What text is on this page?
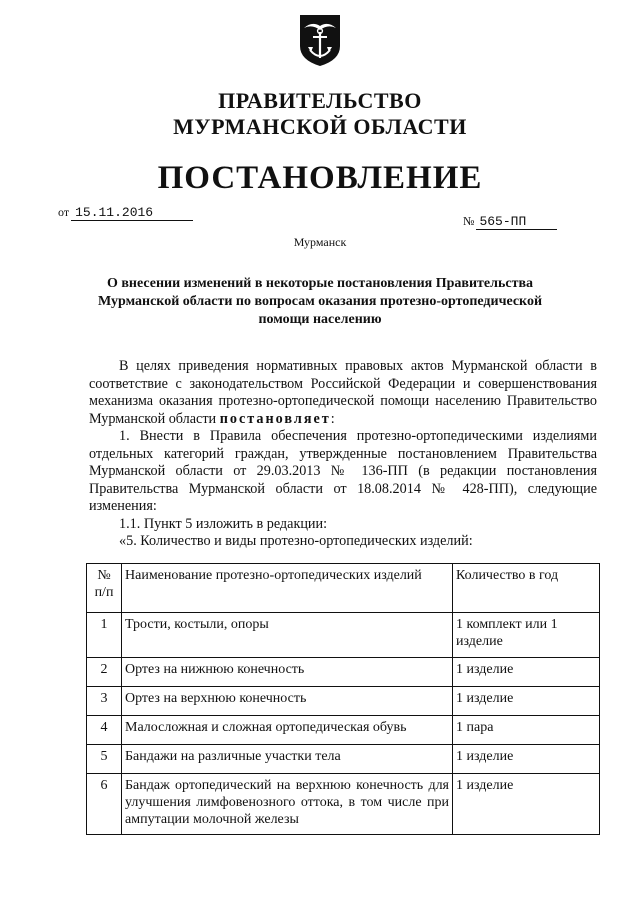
ПРАВИТЕЛЬСТВО
МУРМАНСКОЙ ОБЛАСТИ
ПОСТАНОВЛЕНИЕ
от 15.11.2016
№ 565-ПП
Мурманск
О внесении изменений в некоторые постановления Правительства Мурманской области по вопросам оказания протезно-ортопедической помощи населению

В целях приведения нормативных правовых актов Мурманской области в соответствие с законодательством Российской Федерации и совершенствования механизма оказания протезно-ортопедической помощи населению Правительство Мурманской области постановляет:

1. Внести в Правила обеспечения протезно-ортопедическими изделиями отдельных категорий граждан, утвержденные постановлением Правительства Мурманской области от 29.03.2013 № 136-ПП (в редакции постановления Правительства Мурманской области от 18.08.2014 № 428-ПП), следующие изменения:

1.1. Пункт 5 изложить в редакции:

«5. Количество и виды протезно-ортопедических изделий:

№ п/п	Наименование протезно-ортопедических изделий	Количество в год
1	Трости, костыли, опоры	1 комплект или 1 изделие
2	Ортез на нижнюю конечность	1 изделие
3	Ортез на верхнюю конечность	1 изделие
4	Малосложная и сложная ортопедическая обувь	1 пара
5	Бандажи на различные участки тела	1 изделие
6	Бандаж ортопедический на верхнюю конечность для улучшения лимфовенозного оттока, в том числе при ампутации молочной железы	1 изделие
